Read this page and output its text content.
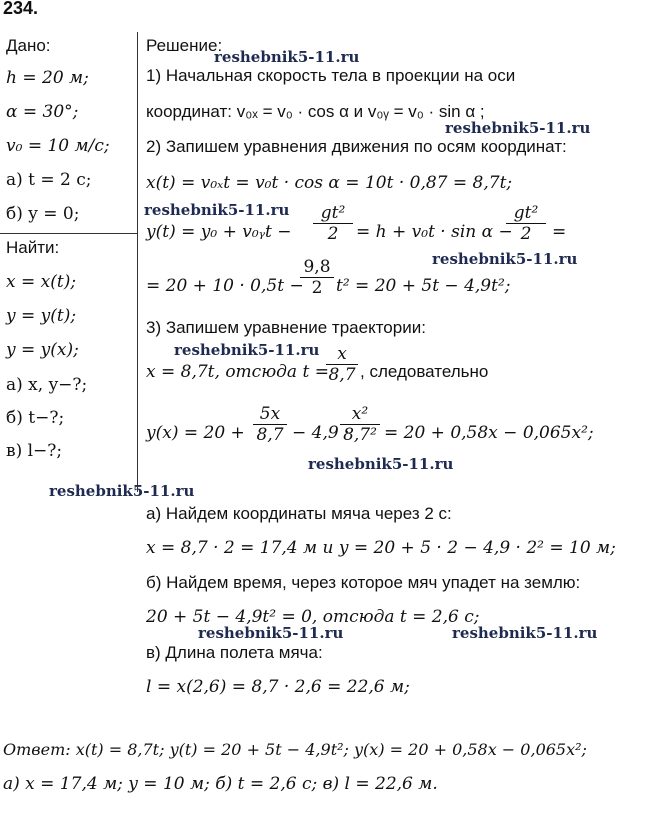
234.
Дано:
h = 20 м;
α = 30°;
v₀ = 10 м/с;
а) t = 2 с;
б) y = 0;
Найти:
x = x(t);
y = y(t);
y = y(x);
а) x, y−?;
б) t−?;
в) l−?;
Решение:
1) Начальная скорость тела в проекции на оси
координат: v₀ₓ = v₀ · cos α и v₀ᵧ = v₀ · sin α ;
2) Запишем уравнения движения по осям координат:
x(t) = v₀ₓt = v₀t · cos α = 10t · 0,87 = 8,7t;
y(t) = y₀ + v₀ᵧt − $\frac{\text{gt²}}{2} = h + v_0t \cdot \sin \alpha$ −
$\frac{\text{gt²}}{2}$ =
= 20 + 10 · 0,5t −
$\frac{9,8}{2} t^2 = 20 + 5t - 4,9t^2$;
3) Запишем уравнение траектории:
x = 8,7t, отсюда t =
$\frac{x}{8,7}$ , следовательно
$y(x) = 20 + \frac{5x}{8,7} - 4,9$ ·
$\frac{\text{x²}}{\text{8,7²}} = 20 + 0,58x - 0,065x^2$;
а) Найдем координаты мяча через 2 с:
x = 8,7 · 2 = 17,4 м и y = 20 + 5 · 2 − 4,9 · 2² = 10 м;
б) Найдем время, через которое мяч упадет на землю:
20 + 5t − 4,9t² = 0, отсюда t = 2,6 с;
в) Длина полета мяча:
l = x(2,6) = 8,7 · 2,6 = 22,6 м;
Ответ: x(t) = 8,7t; y(t) = 20 + 5t − 4,9t²; y(x) = 20 + 0,58x − 0,065x²;
а) x = 17,4 м; y = 10 м; б) t = 2,6 с; в) l = 22,6 м.
reshebnik5-11.ru
reshebnik5-11.ru
reshebnik5-11.ru
reshebnik5-11.ru
reshebnik5-11.ru
reshebnik5-11.ru
reshebnik5-11.ru
reshebnik5-11.ru	reshebnik5-11.ru
